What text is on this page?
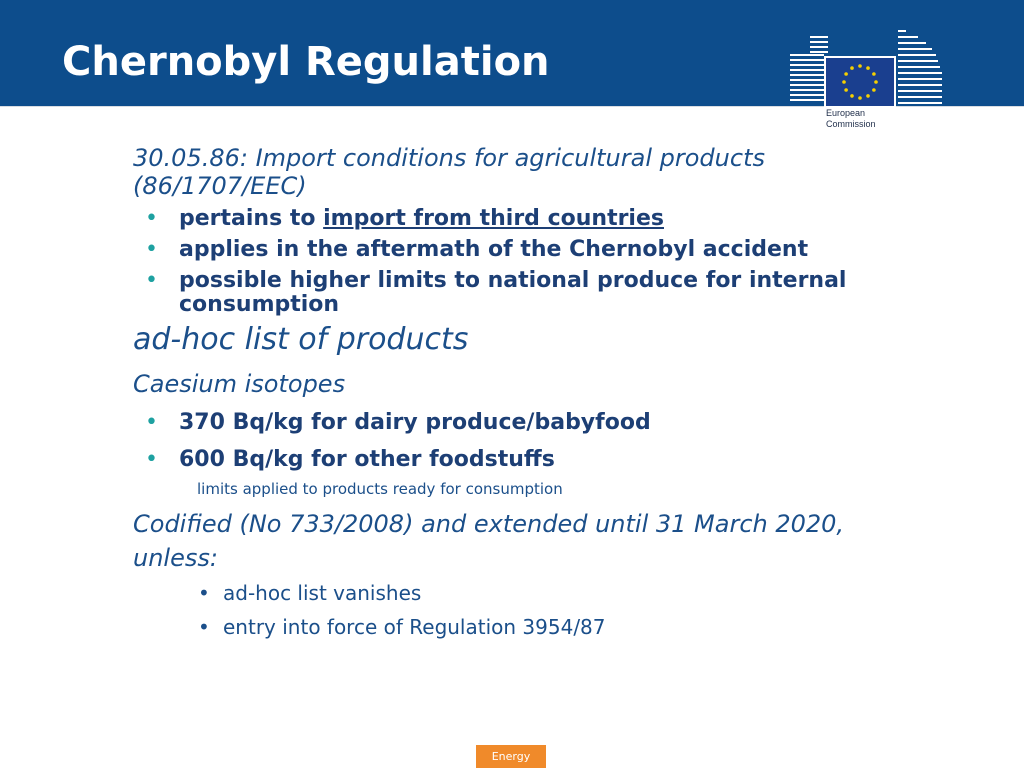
Chernobyl Regulation
European
Commission

30.05.86: Import conditions for agricultural products

(86/1707/EEC)

• pertains to import from third countries

• applies in the aftermath of the Chernobyl accident

• possible higher limits to national produce for internal

consumption

ad-hoc list of products

Caesium isotopes

• 370 Bq/kg for dairy produce/babyfood

• 600 Bq/kg for other foodstuffs

limits applied to products ready for consumption

Codified (No 733/2008) and extended until 31 March 2020,

unless:

• ad-hoc list vanishes

• entry into force of Regulation 3954/87

Energy
